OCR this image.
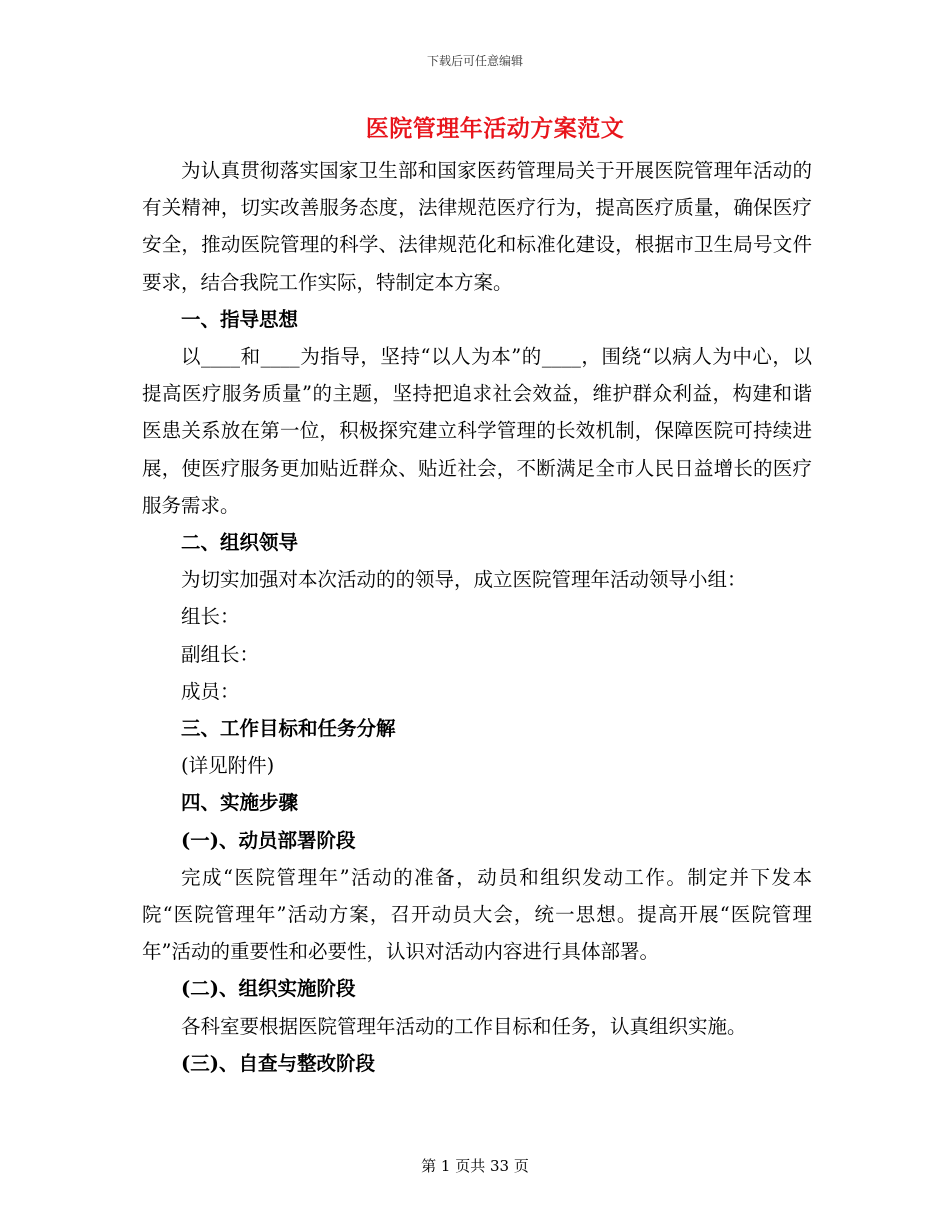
下载后可任意编辑
医院管理年活动方案范文

为认真贯彻落实国家卫生部和国家医药管理局关于开展医院管理年活动的有关精神，切实改善服务态度，法律规范医疗行为，提高医疗质量，确保医疗安全，推动医院管理的科学、法律规范化和标准化建设，根据市卫生局号文件要求，结合我院工作实际，特制定本方案。

一、指导思想

以____和____为指导，坚持“以人为本”的____，围绕“以病人为中心，以提高医疗服务质量”的主题，坚持把追求社会效益，维护群众利益，构建和谐医患关系放在第一位，积极探究建立科学管理的长效机制，保障医院可持续进展，使医疗服务更加贴近群众、贴近社会，不断满足全市人民日益增长的医疗服务需求。

二、组织领导

为切实加强对本次活动的的领导，成立医院管理年活动领导小组：

组长：

副组长：

成员：

三、工作目标和任务分解

(详见附件)

四、实施步骤

(一)、动员部署阶段

完成“医院管理年”活动的准备，动员和组织发动工作。制定并下发本院“医院管理年”活动方案，召开动员大会，统一思想。提高开展“医院管理年”活动的重要性和必要性，认识对活动内容进行具体部署。

(二)、组织实施阶段

各科室要根据医院管理年活动的工作目标和任务，认真组织实施。

(三)、自查与整改阶段

第 1 页共 33 页
